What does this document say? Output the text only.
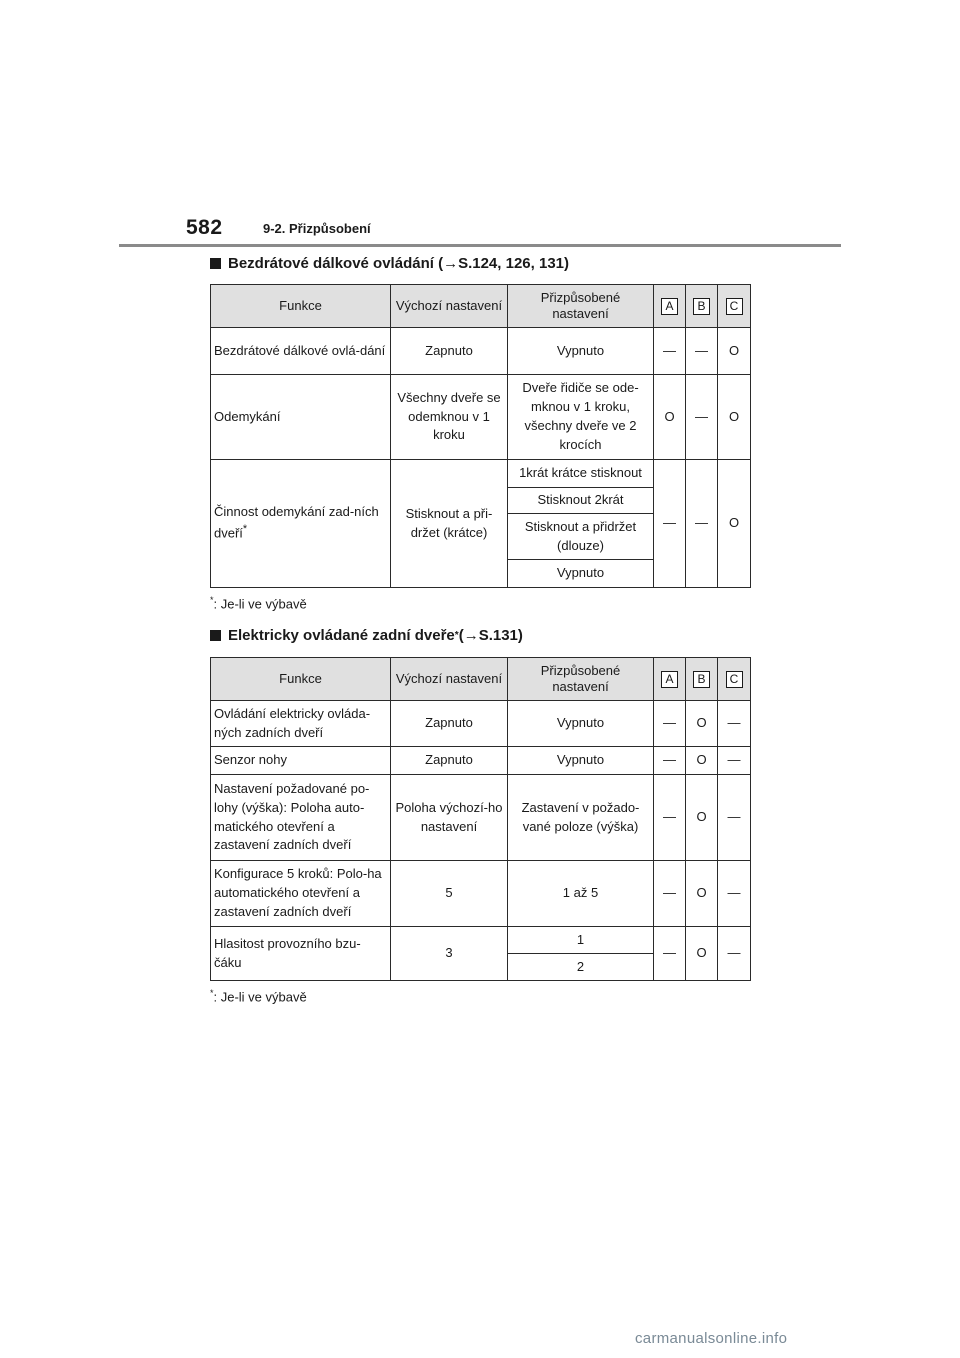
582	9-2. Přizpůsobení
Bezdrátové dálkové ovládání ( → S.124, 126, 131)
Funkce	Výchozí nastavení	Přizpůsobené nastavení	A	B	C
Bezdrátové dálkové ovlá-dání	Zapnuto	Vypnuto	—	—	O
Odemykání	Všechny dveře se odemknou v 1 kroku	Dveře řidiče se ode-mknou v 1 kroku, všechny dveře ve 2 krocích	O	—	O
Činnost odemykání zad-ních dveří*	Stisknout a při-držet (krátce)	1krát krátce stisknout	—	—	O
		Stisknout 2krát			
		Stisknout a přidržet (dlouze)			
		Vypnuto			
*: Je-li ve výbavě
Elektricky ovládané zadní dveře * ( → S.131)
Funkce	Výchozí nastavení	Přizpůsobené nastavení	A	B	C
Ovládání elektricky ovláda-ných zadních dveří	Zapnuto	Vypnuto	—	O	—
Senzor nohy	Zapnuto	Vypnuto	—	O	—
Nastavení požadované po-lohy (výška): Poloha auto-matického otevření a zastavení zadních dveří	Poloha výchozí-ho nastavení	Zastavení v požado-vané poloze (výška)	—	O	—
Konfigurace 5 kroků: Polo-ha automatického otevření a zastavení zadních dveří	5	1 až 5	—	O	—
Hlasitost provozního bzu-čáku	3	1	—	O	—
		2			
*: Je-li ve výbavě
carmanualsonline.info
